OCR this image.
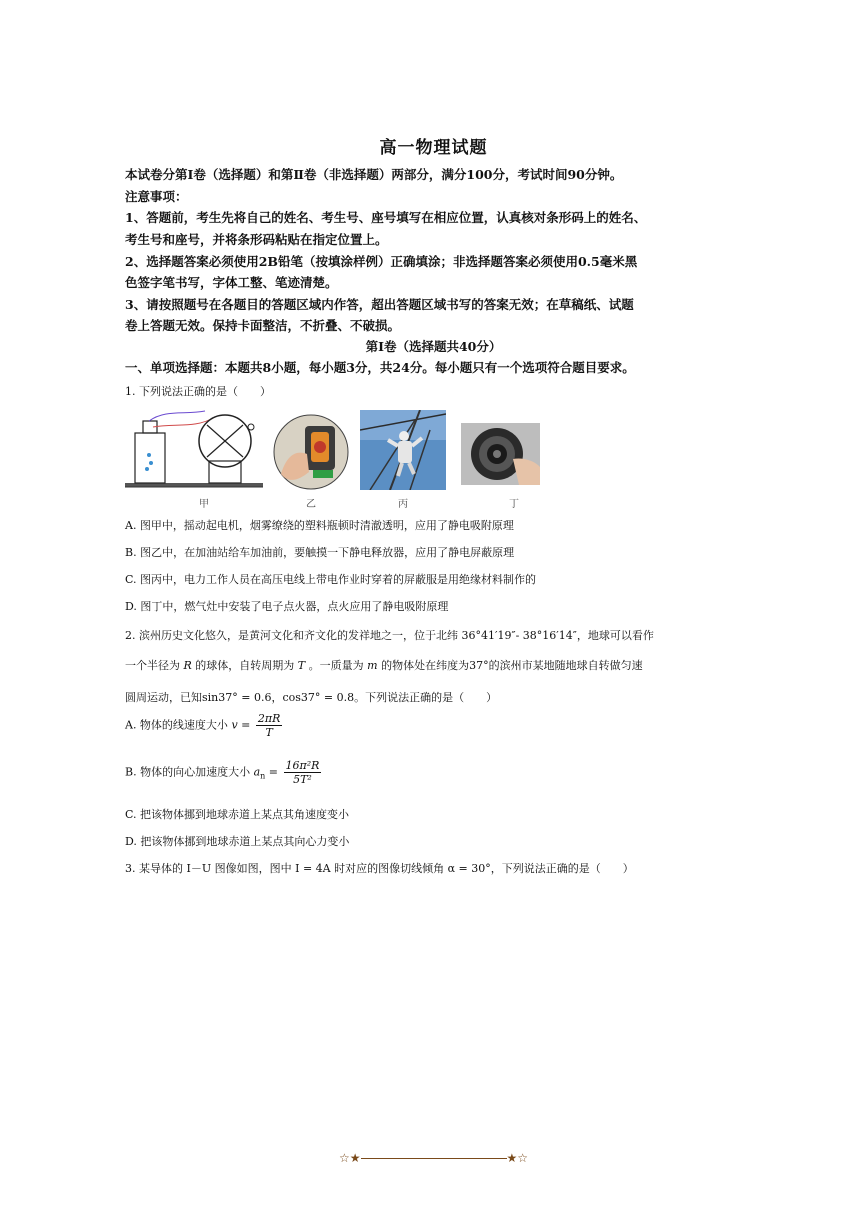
高一物理试题
本试卷分第Ⅰ卷（选择题）和第Ⅱ卷（非选择题）两部分，满分100分，考试时间90分钟。
注意事项：
1、答题前，考生先将自己的姓名、考生号、座号填写在相应位置，认真核对条形码上的姓名、
考生号和座号，并将条形码粘贴在指定位置上。
2、选择题答案必须使用2B铅笔（按填涂样例）正确填涂；非选择题答案必须使用0.5毫米黑
色签字笔书写，字体工整、笔迹清楚。
3、请按照题号在各题目的答题区域内作答，超出答题区域书写的答案无效；在草稿纸、试题
卷上答题无效。保持卡面整洁，不折叠、不破损。
第Ⅰ卷（选择题共40分）
一、单项选择题：本题共8小题，每小题3分，共24分。每小题只有一个选项符合题目要求。
1. 下列说法正确的是（　　）
甲	乙	丙	丁
A. 图甲中，摇动起电机，烟雾缭绕的塑料瓶顿时清澈透明，应用了静电吸附原理
B. 图乙中，在加油站给车加油前，要触摸一下静电释放器，应用了静电屏蔽原理
C. 图丙中，电力工作人员在高压电线上带电作业时穿着的屏蔽服是用绝缘材料制作的
D. 图丁中，燃气灶中安装了电子点火器，点火应用了静电吸附原理
2. 滨州历史文化悠久，是黄河文化和齐文化的发祥地之一，位于北纬 36°41′19″- 38°16′14″，地球可以看作
一个半径为 R 的球体，自转周期为 T 。一质量为 m 的物体处在纬度为37°的滨州市某地随地球自转做匀速
圆周运动，已知sin37° = 0.6，cos37° = 0.8。下列说法正确的是（　　）
A. 物体的线速度大小 $v = \frac{2\pi R}{T}$
B. 物体的向心加速度大小 $a_n = \frac{\text{16π²R}}{\text{5T²}}$
C. 把该物体挪到地球赤道上某点其角速度变小
D. 把该物体挪到地球赤道上某点其向心力变小
3. 某导体的 I－U 图像如图，图中 I = 4A 时对应的图像切线倾角 α = 30°，下列说法正确的是（　　）
☆★	★☆
